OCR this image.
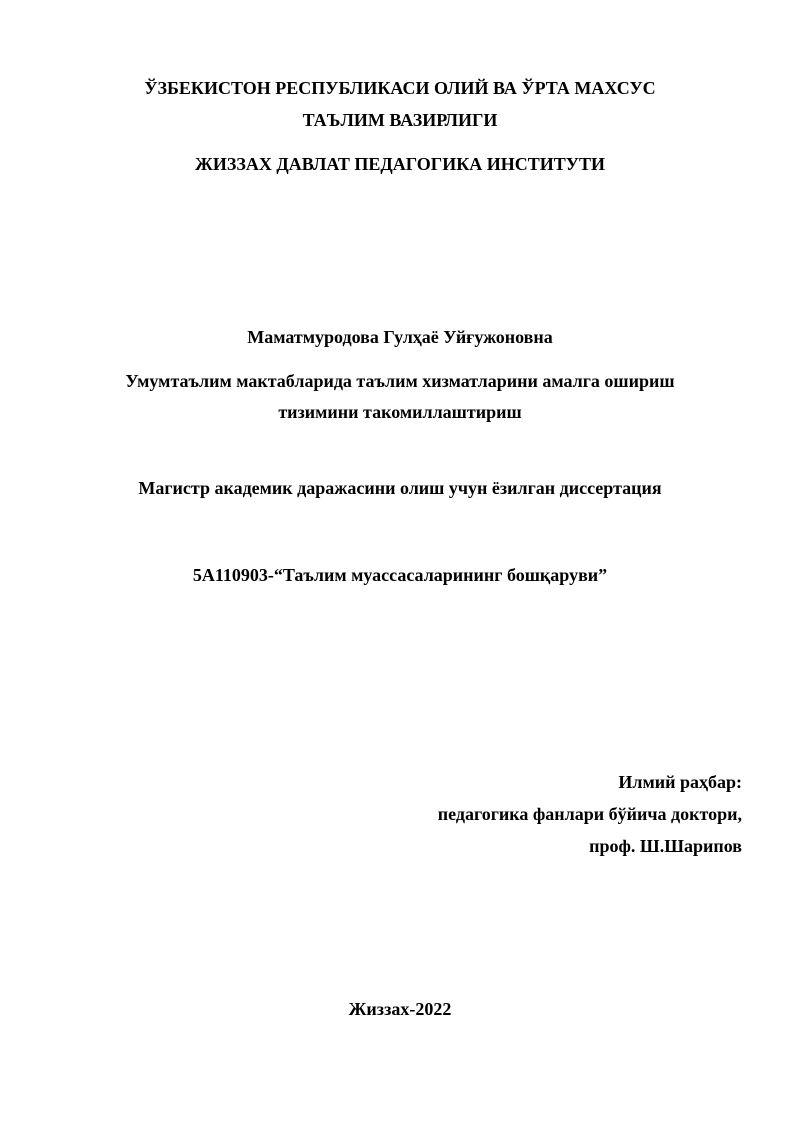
ЎЗБЕКИСТОН РЕСПУБЛИКАСИ ОЛИЙ ВА ЎРТА МАХСУС
ТАЪЛИМ ВАЗИРЛИГИ
ЖИЗЗАХ ДАВЛАТ ПЕДАГОГИКА ИНСТИТУТИ
Маматмуродова Гулҳаё Уйғужоновна
Умумтаълим мактабларида таълим хизматларини амалга ошириш
тизимини такомиллаштириш
Магистр академик даражасини олиш учун ёзилган диссертация
5А110903-“Таълим муассасаларининг бошқаруви”
Илмий раҳбар:
педагогика фанлари бўйича доктори,
проф. Ш.Шарипов
Жиззах-2022
